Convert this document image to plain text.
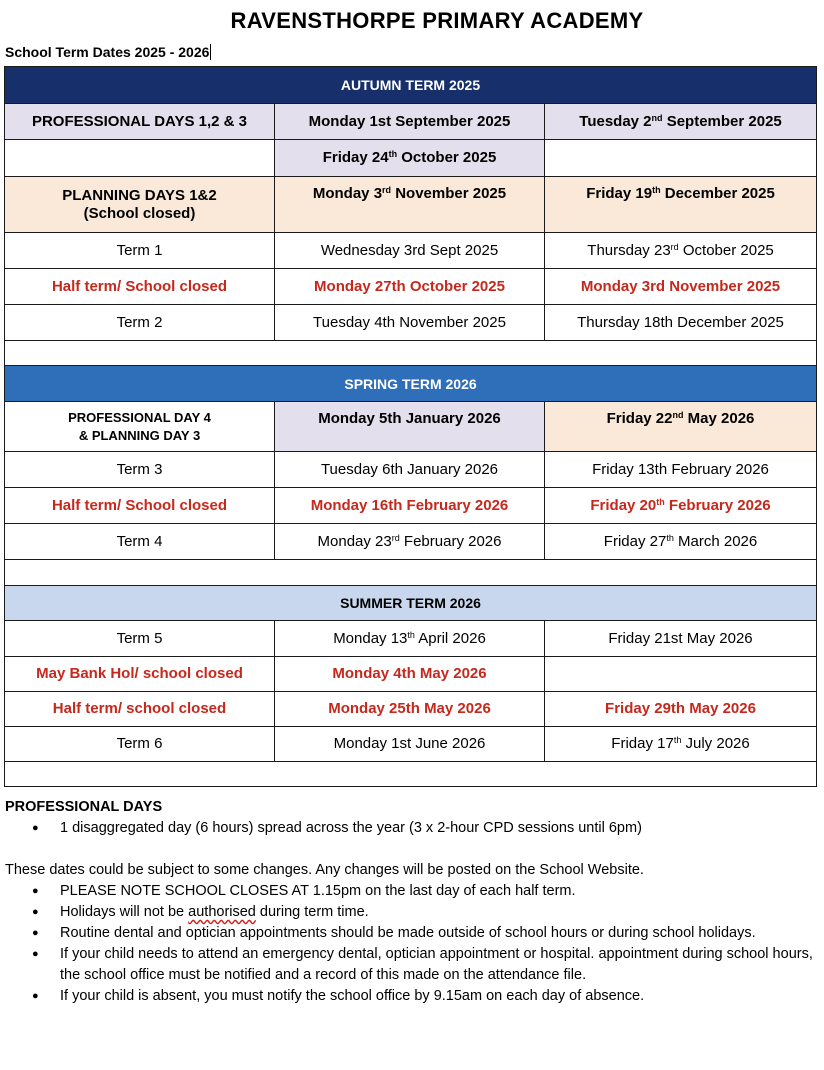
RAVENSTHORPE PRIMARY ACADEMY
School Term Dates 2025 - 2026
AUTUMN TERM 2025		
PROFESSIONAL DAYS 1,2 & 3	Monday 1st September 2025	Tuesday 2nd September 2025
	Friday 24th October 2025	

PLANNING DAYS 1&2
(School closed)	Monday 3rd November 2025	Friday 19th December 2025
Term 1	Wednesday 3rd Sept 2025	Thursday 23rd October 2025
Half term/ School closed	Monday 27th October 2025	Monday 3rd November 2025
Term 2	Tuesday 4th November 2025	Thursday 18th December 2025

SPRING TERM 2026		

PROFESSIONAL DAY 4
& PLANNING DAY 3	Monday 5th January 2026	Friday 22nd May 2026
Term 3	Tuesday 6th January 2026	Friday 13th February 2026
Half term/ School closed	Monday 16th February 2026	Friday 20th February 2026
Term 4	Monday 23rd February 2026	Friday 27th March 2026

SUMMER TERM 2026		
Term 5	Monday 13th April 2026	Friday 21st May 2026
May Bank Hol/ school closed	Monday 4th May 2026	
Half term/ school closed	Monday 25th May 2026	Friday 29th May 2026
Term 6	Monday 1st June 2026	Friday 17th July 2026

PROFESSIONAL DAYS
● 1 disaggregated day (6 hours) spread across the year (3 x 2-hour CPD sessions until 6pm)

These dates could be subject to some changes. Any changes will be posted on the School Website.

● PLEASE NOTE SCHOOL CLOSES AT 1.15pm on the last day of each half term.
● Holidays will not be authorised during term time.
● Routine dental and optician appointments should be made outside of school hours or during school holidays.
● If your child needs to attend an emergency dental, optician appointment or hospital. appointment during school hours, the school office must be notified and a record of this made on the attendance file.
● If your child is absent, you must notify the school office by 9.15am on each day of absence.
